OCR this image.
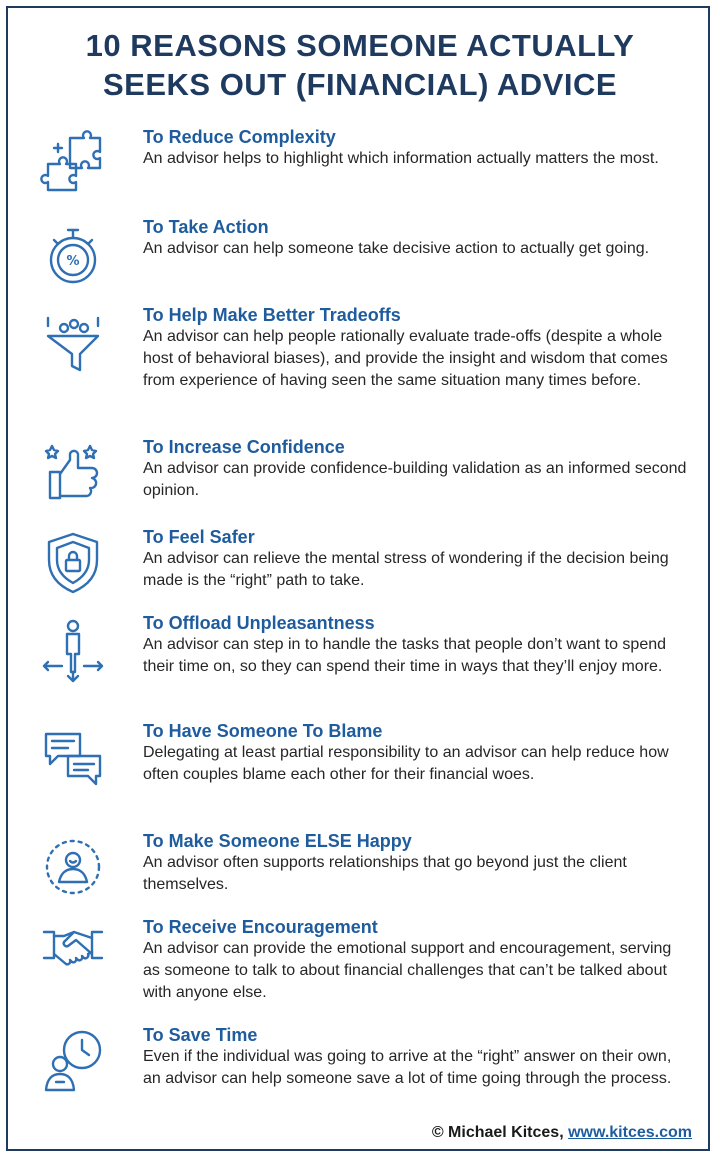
10 REASONS SOMEONE ACTUALLY
SEEKS OUT (FINANCIAL) ADVICE
To Reduce Complexity
An advisor helps to highlight which information actually matters the most.
%
To Take Action
An advisor can help someone take decisive action to actually get going.
To Help Make Better Tradeoffs
An advisor can help people rationally evaluate trade-offs (despite a whole host of behavioral biases), and provide the insight and wisdom that comes from experience of having seen the same situation many times before.
To Increase Confidence
An advisor can provide confidence-building validation as an informed second opinion.
To Feel Safer
An advisor can relieve the mental stress of wondering if the decision being made is the “right” path to take.
To Offload Unpleasantness
An advisor can step in to handle the tasks that people don’t want to spend their time on, so they can spend their time in ways that they’ll enjoy more.
To Have Someone To Blame
Delegating at least partial responsibility to an advisor can help reduce how often couples blame each other for their financial woes.
To Make Someone ELSE Happy
An advisor often supports relationships that go beyond just the client themselves.
To Receive Encouragement
An advisor can provide the emotional support and encouragement, serving as someone to talk to about financial challenges that can’t be talked about with anyone else.
To Save Time
Even if the individual was going to arrive at the “right” answer on their own, an advisor can help someone save a lot of time going through the process.
© Michael Kitces, www.kitces.com
